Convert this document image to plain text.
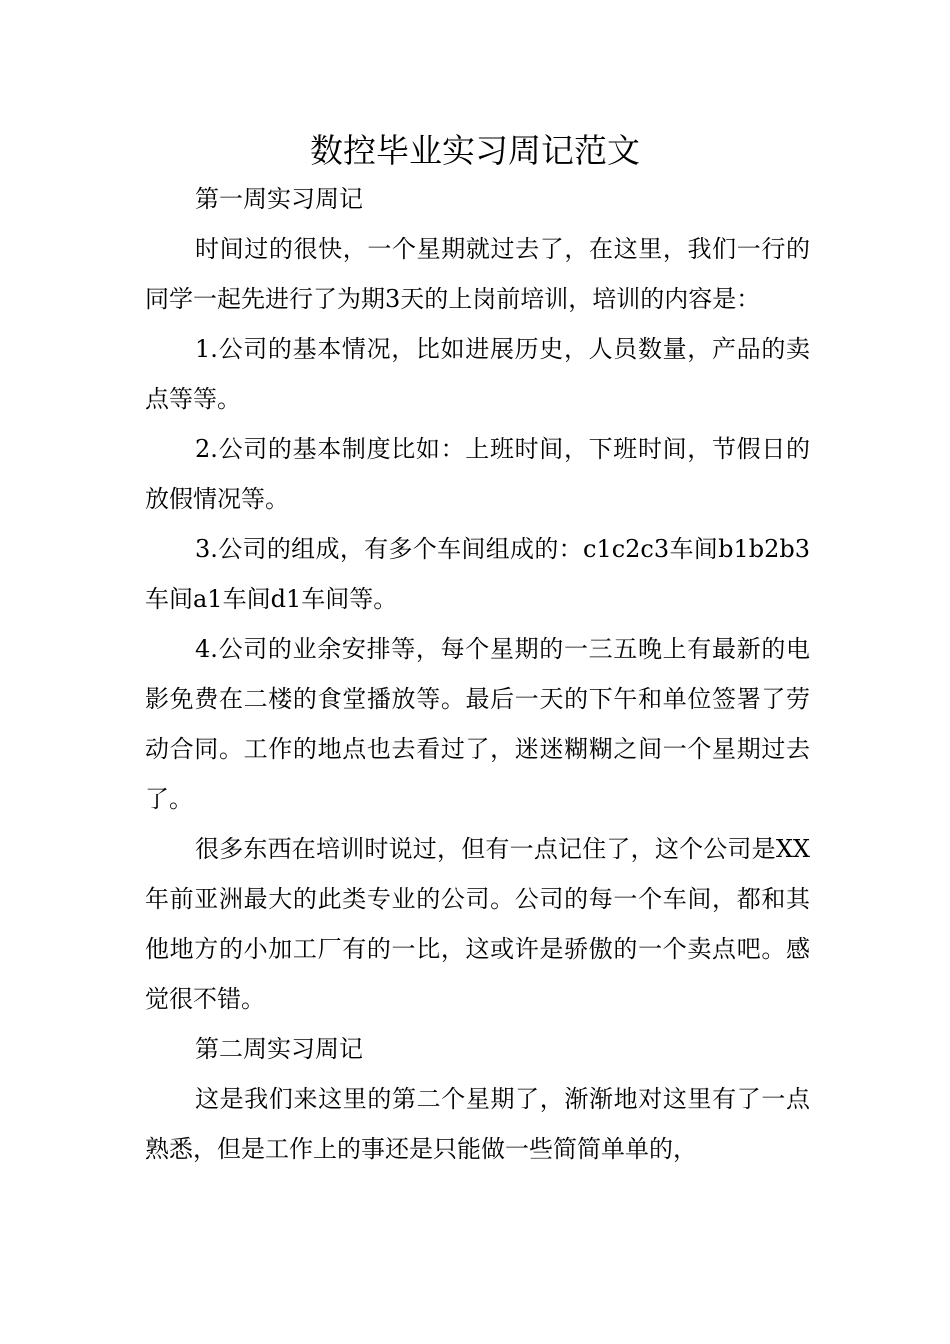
数控毕业实习周记范文

第一周实习周记

时间过的很快，一个星期就过去了，在这里，我们一行的同学一起先进行了为期3天的上岗前培训，培训的内容是：

1.公司的基本情况，比如进展历史，人员数量，产品的卖点等等。

2.公司的基本制度比如：上班时间，下班时间，节假日的放假情况等。

3.公司的组成，有多个车间组成的：c1c2c3车间b1b2b3车间a1车间d1车间等。

4.公司的业余安排等，每个星期的一三五晚上有最新的电影免费在二楼的食堂播放等。最后一天的下午和单位签署了劳动合同。工作的地点也去看过了，迷迷糊糊之间一个星期过去了。

很多东西在培训时说过，但有一点记住了，这个公司是XX年前亚洲最大的此类专业的公司。公司的每一个车间，都和其他地方的小加工厂有的一比，这或许是骄傲的一个卖点吧。感觉很不错。

第二周实习周记

这是我们来这里的第二个星期了，渐渐地对这里有了一点熟悉，但是工作上的事还是只能做一些简简单单的，
